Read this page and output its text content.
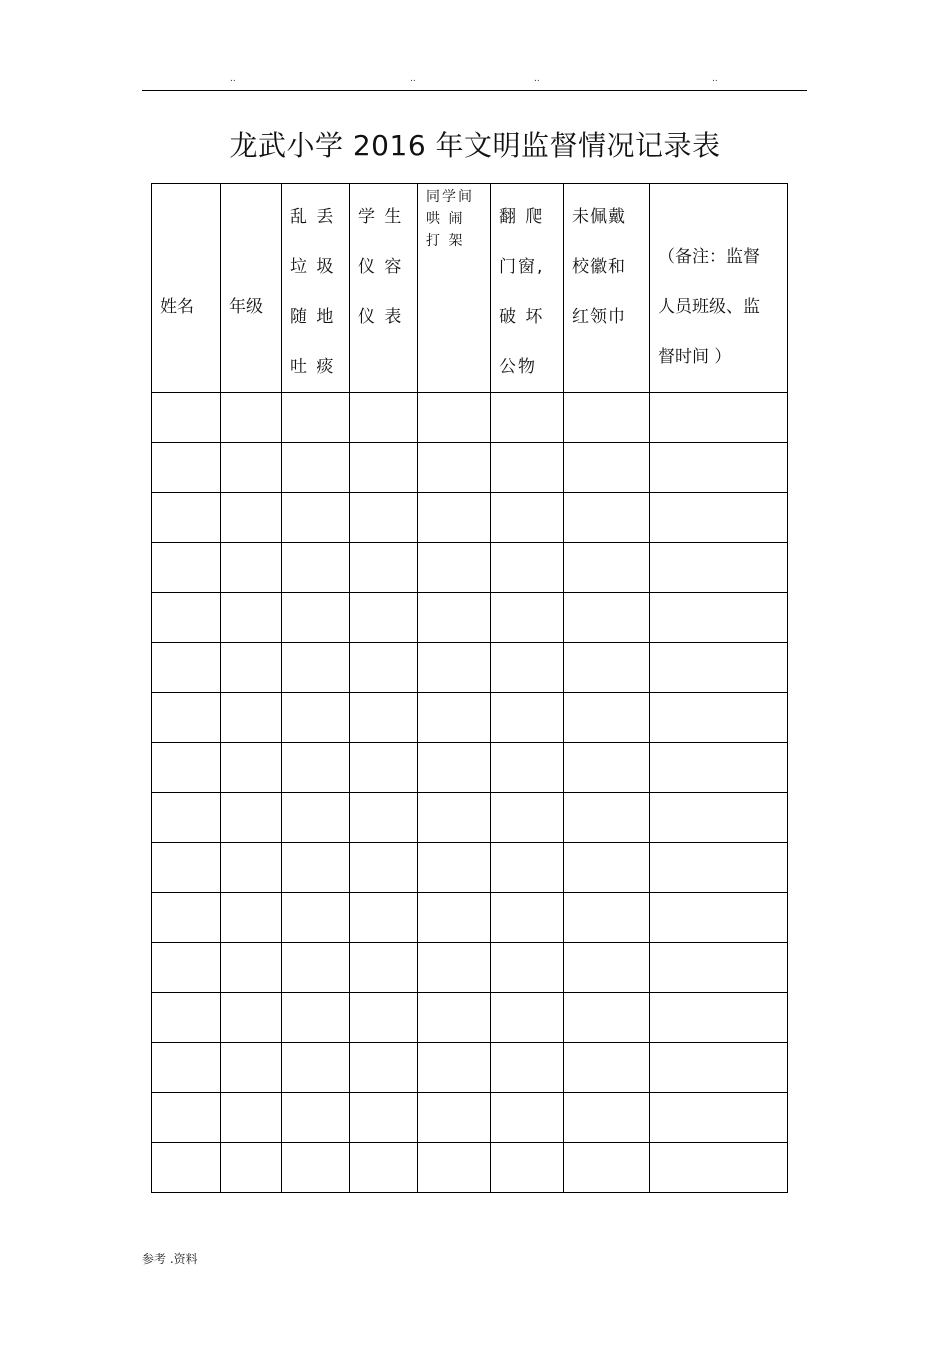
..	..	..	..
龙武小学 2016 年文明监督情况记录表
姓名	年级	乱 丢
垃 圾
随 地
吐 痰	学 生
仪 容
仪 表	同学间
哄 闹
打 架	翻 爬
门窗,
破 坏
公物	未佩戴
校徽和
红领巾	（备注：监督
人员班级、监
督时间 ）

参考 .资料
